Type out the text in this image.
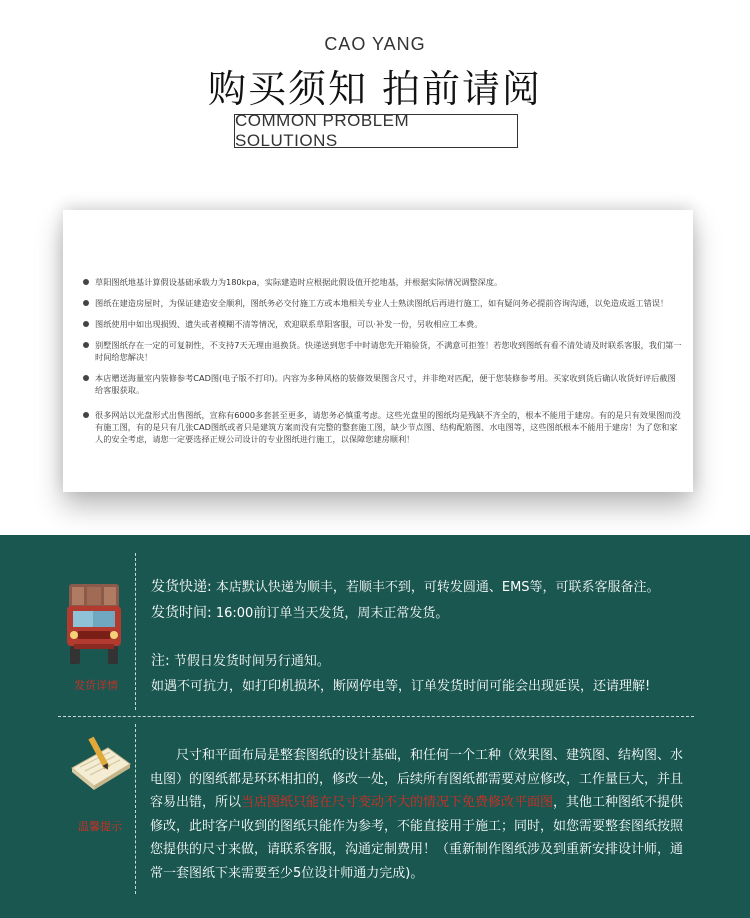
CAO YANG
购买须知 拍前请阅
COMMON PROBLEM SOLUTIONS
草阳图纸地基计算假设基础承载力为180kpa，实际建造时应根据此假设值开挖地基，并根据实际情况调整深度。
图纸在建造房屋时，为保证建造安全顺利，图纸务必交付施工方或本地相关专业人士熟读图纸后再进行施工，如有疑问务必提前咨询沟通，以免造成返工错误！
图纸使用中如出现损毁、遗失或者模糊不清等情况，欢迎联系草阳客服，可以·补发一份，另收相应工本费。
别墅图纸存在一定的可复制性，不支持7天无理由退换货。快递送到您手中时请您先开箱验货，不满意可拒签！若您收到图纸有看不清处请及时联系客服，我们第一时间给您解决！
本店赠送海量室内装修参考CAD图(电子版不打印)。内容为多种风格的装修效果图含尺寸，并非绝对匹配，便于您装修参考用。买家收到货后确认收货好评后截图给客服获取。
很多网站以光盘形式出售图纸，宣称有6000多套甚至更多，请您务必慎重考虑。这些光盘里的图纸均是残缺不齐全的，根本不能用于建房。有的是只有效果图而没有施工图，有的是只有几张CAD图纸或者只是建筑方案而没有完整的整套施工图，缺少节点图、结构配筋图、水电图等，这些图纸根本不能用于建房！为了您和家人的安全考虑，请您一定要选择正规公司设计的专业图纸进行施工，以保障您建房顺利！
发货详情
发货快递: 本店默认快递为顺丰，若顺丰不到，可转发圆通、EMS等，可联系客服备注。
发货时间: 16:00前订单当天发货，周末正常发货。
注: 节假日发货时间另行通知。
如遇不可抗力，如打印机损坏，断网停电等，订单发货时间可能会出现延误，还请理解!
温馨提示
尺寸和平面布局是整套图纸的设计基础，和任何一个工种（效果图、建筑图、结构图、水电图）的图纸都是环环相扣的，修改一处，后续所有图纸都需要对应修改，工作量巨大，并且容易出错，所以当店图纸只能在尺寸变动不大的情况下免费修改平面图，其他工种图纸不提供修改，此时客户收到的图纸只能作为参考，不能直接用于施工；同时，如您需要整套图纸按照您提供的尺寸来做，请联系客服，沟通定制费用！（重新制作图纸涉及到重新安排设计师，通常一套图纸下来需要至少5位设计师通力完成)。
